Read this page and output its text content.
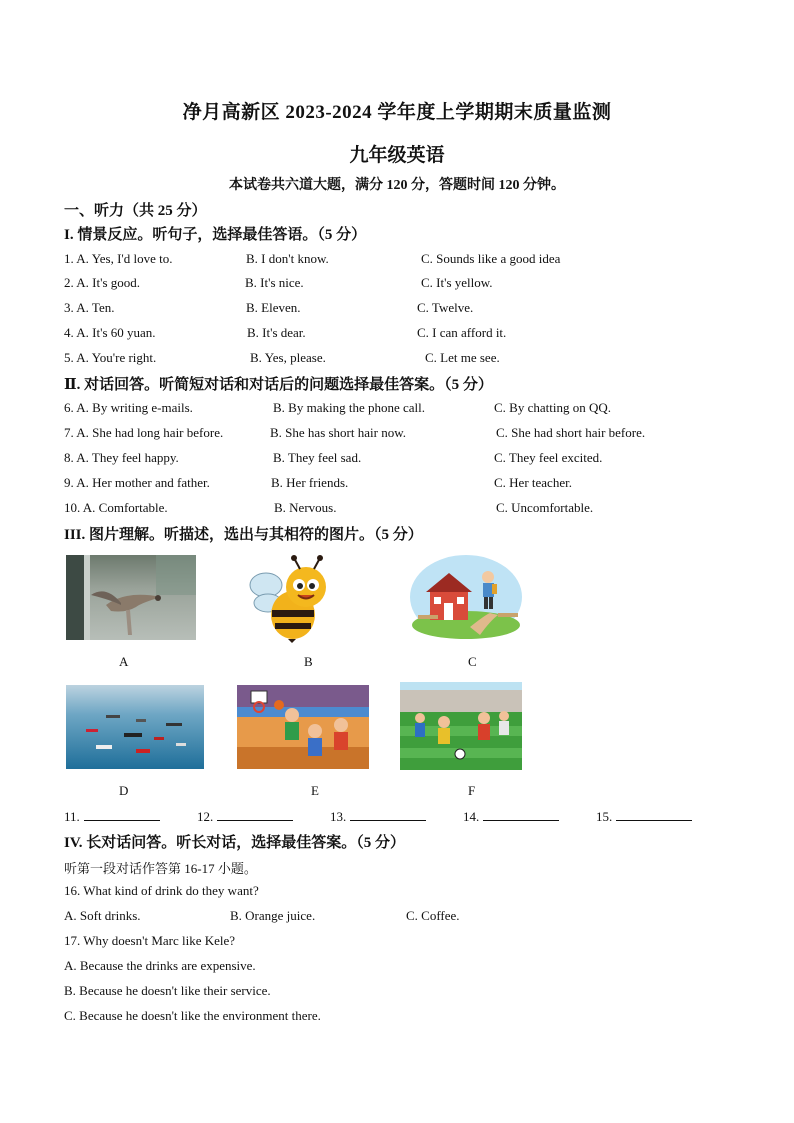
净月高新区 2023-2024 学年度上学期期末质量监测
九年级英语
本试卷共六道大题，满分 120 分，答题时间 120 分钟。
一、听力（共 25 分）
I. 情景反应。听句子，选择最佳答语。（5 分）
1. A. Yes, I'd love to.	B. I don't know.	C. Sounds like a good idea
2. A. It's good.	B. It's nice.	C. It's yellow.
3. A. Ten.	B. Eleven.	C. Twelve.
4. A. It's 60 yuan.	B. It's dear.	C. I can afford it.
5. A. You're right.	B. Yes, please.	C. Let me see.
Ⅱ. 对话回答。听简短对话和对话后的问题选择最佳答案。（5 分）
6. A. By writing e-mails.	B. By making the phone call.	C. By chatting on QQ.
7. A. She had long hair before.	B. She has short hair now.	C. She had short hair before.
8. A. They feel happy.	B. They feel sad.	C. They feel excited.
9. A. Her mother and father.	B. Her friends.	C. Her teacher.
10. A. Comfortable.	B. Nervous.	C. Uncomfortable.
III. 图片理解。听描述，选出与其相符的图片。（5 分）
A	B	C
D	E	F
11.	12.	13.	14.	15.
IV. 长对话问答。听长对话，选择最佳答案。（5 分）
听第一段对话作答第 16-17 小题。
16. What kind of drink do they want?
A. Soft drinks.	B. Orange juice.	C. Coffee.
17. Why doesn't Marc like Kele?
A. Because the drinks are expensive.
B. Because he doesn't like their service.
C. Because he doesn't like the environment there.
